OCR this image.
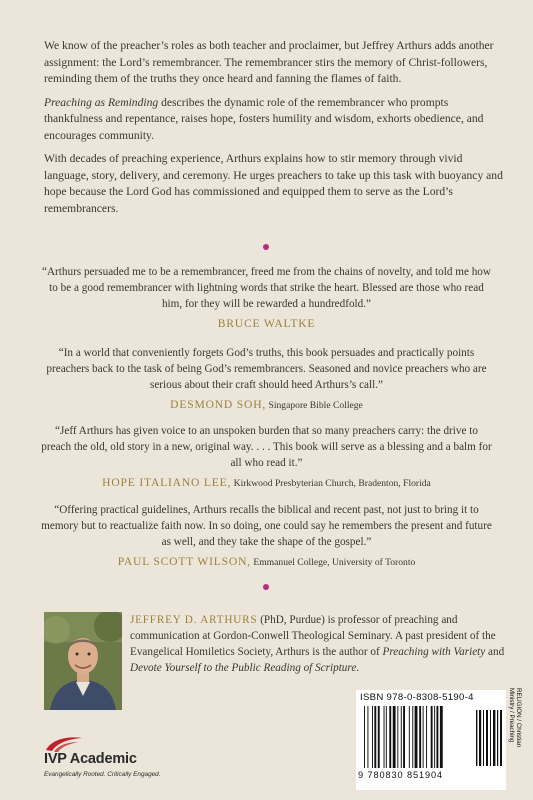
We know of the preacher’s roles as both teacher and proclaimer, but Jeffrey Arthurs adds another assignment: the Lord’s remembrancer. The remembrancer stirs the memory of Christ-followers, reminding them of the truths they once heard and fanning the flames of faith.

Preaching as Reminding describes the dynamic role of the remembrancer who prompts thankfulness and repentance, raises hope, fosters humility and wisdom, exhorts obedience, and encourages community.

With decades of preaching experience, Arthurs explains how to stir memory through vivid language, story, delivery, and ceremony. He urges preachers to take up this task with buoyancy and hope because the Lord God has commissioned and equipped them to serve as the Lord’s remembrancers.

“Arthurs persuaded me to be a remembrancer, freed me from the chains of novelty, and told me how to be a good remembrancer with lightning words that strike the heart. Blessed are those who read him, for they will be rewarded a hundredfold.”

BRUCE WALTKE

“In a world that conveniently forgets God’s truths, this book persuades and practically points preachers back to the task of being God’s remembrancers. Seasoned and novice preachers who are serious about their craft should heed Arthurs’s call.”

DESMOND SOH, Singapore Bible College

“Jeff Arthurs has given voice to an unspoken burden that so many preachers carry: the drive to preach the old, old story in a new, original way. . . . This book will serve as a blessing and a balm for all who read it.”

HOPE ITALIANO LEE, Kirkwood Presbyterian Church, Bradenton, Florida

“Offering practical guidelines, Arthurs recalls the biblical and recent past, not just to bring it to memory but to reactualize faith now. In so doing, one could say he remembers the present and future as well, and they take the shape of the gospel.”

PAUL SCOTT WILSON, Emmanuel College, University of Toronto
JEFFREY D. ARTHURS (PhD, Purdue) is professor of preaching and communication at Gordon-Conwell Theological Seminary. A past president of the Evangelical Homiletics Society, Arthurs is the author of Preaching with Variety and Devote Yourself to the Public Reading of Scripture.
IVP Academic
Evangelically Rooted. Critically Engaged.
ISBN 978-0-8308-5190-4
9 780830 851904
RELIGION / Christian
Ministry / Preaching
